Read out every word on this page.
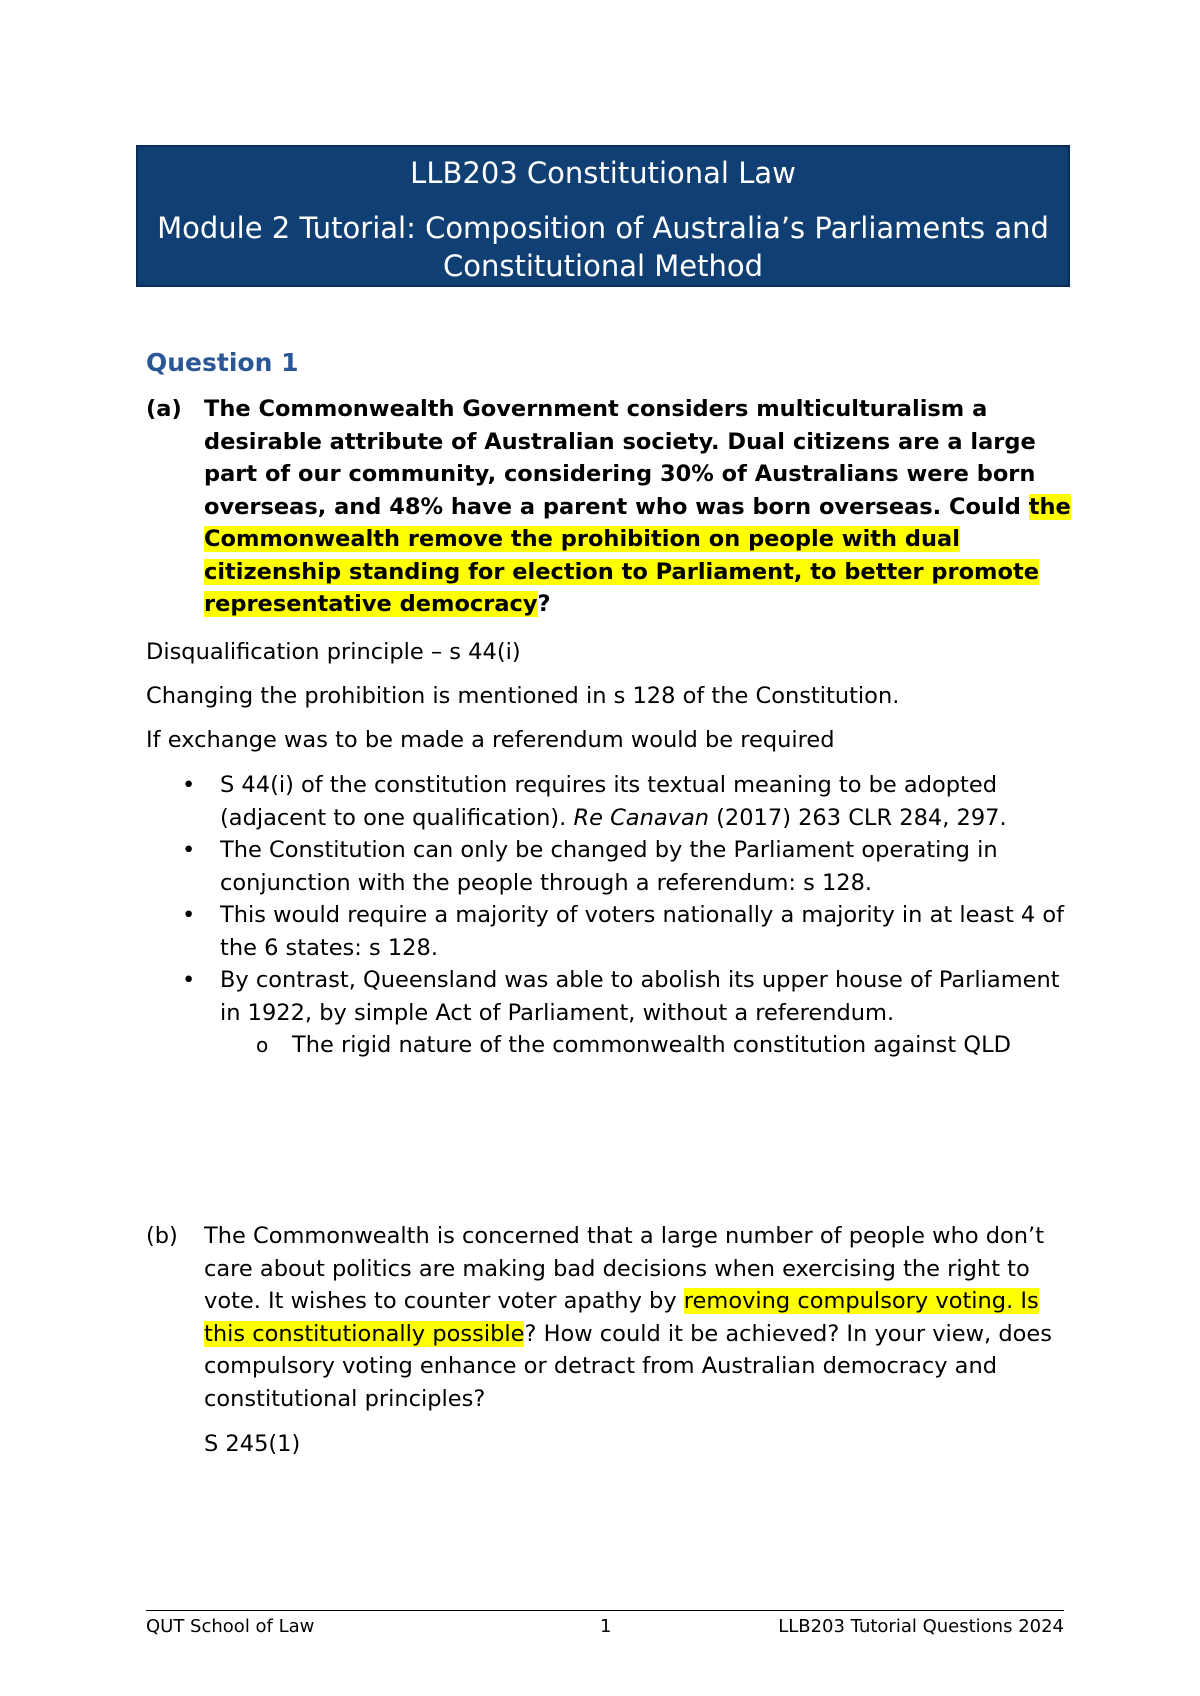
LLB203 Constitutional Law
Module 2 Tutorial: Composition of Australia’s Parliaments and Constitutional Method
Question 1
(a) The Commonwealth Government considers multiculturalism a desirable attribute of Australian society. Dual citizens are a large part of our community, considering 30% of Australians were born overseas, and 48% have a parent who was born overseas. Could the Commonwealth remove the prohibition on people with dual citizenship standing for election to Parliament, to better promote representative democracy?
Disqualification principle – s 44(i)
Changing the prohibition is mentioned in s 128 of the Constitution.
If exchange was to be made a referendum would be required
• S 44(i) of the constitution requires its textual meaning to be adopted (adjacent to one qualification). Re Canavan (2017) 263 CLR 284, 297.
• The Constitution can only be changed by the Parliament operating in conjunction with the people through a referendum: s 128.
• This would require a majority of voters nationally a majority in at least 4 of the 6 states: s 128.
• By contrast, Queensland was able to abolish its upper house of Parliament in 1922, by simple Act of Parliament, without a referendum.
o The rigid nature of the commonwealth constitution against QLD
(b) The Commonwealth is concerned that a large number of people who don’t care about politics are making bad decisions when exercising the right to vote. It wishes to counter voter apathy by removing compulsory voting. Is this constitutionally possible? How could it be achieved? In your view, does compulsory voting enhance or detract from Australian democracy and constitutional principles?
S 245(1)
QUT School of Law	1	LLB203 Tutorial Questions 2024
